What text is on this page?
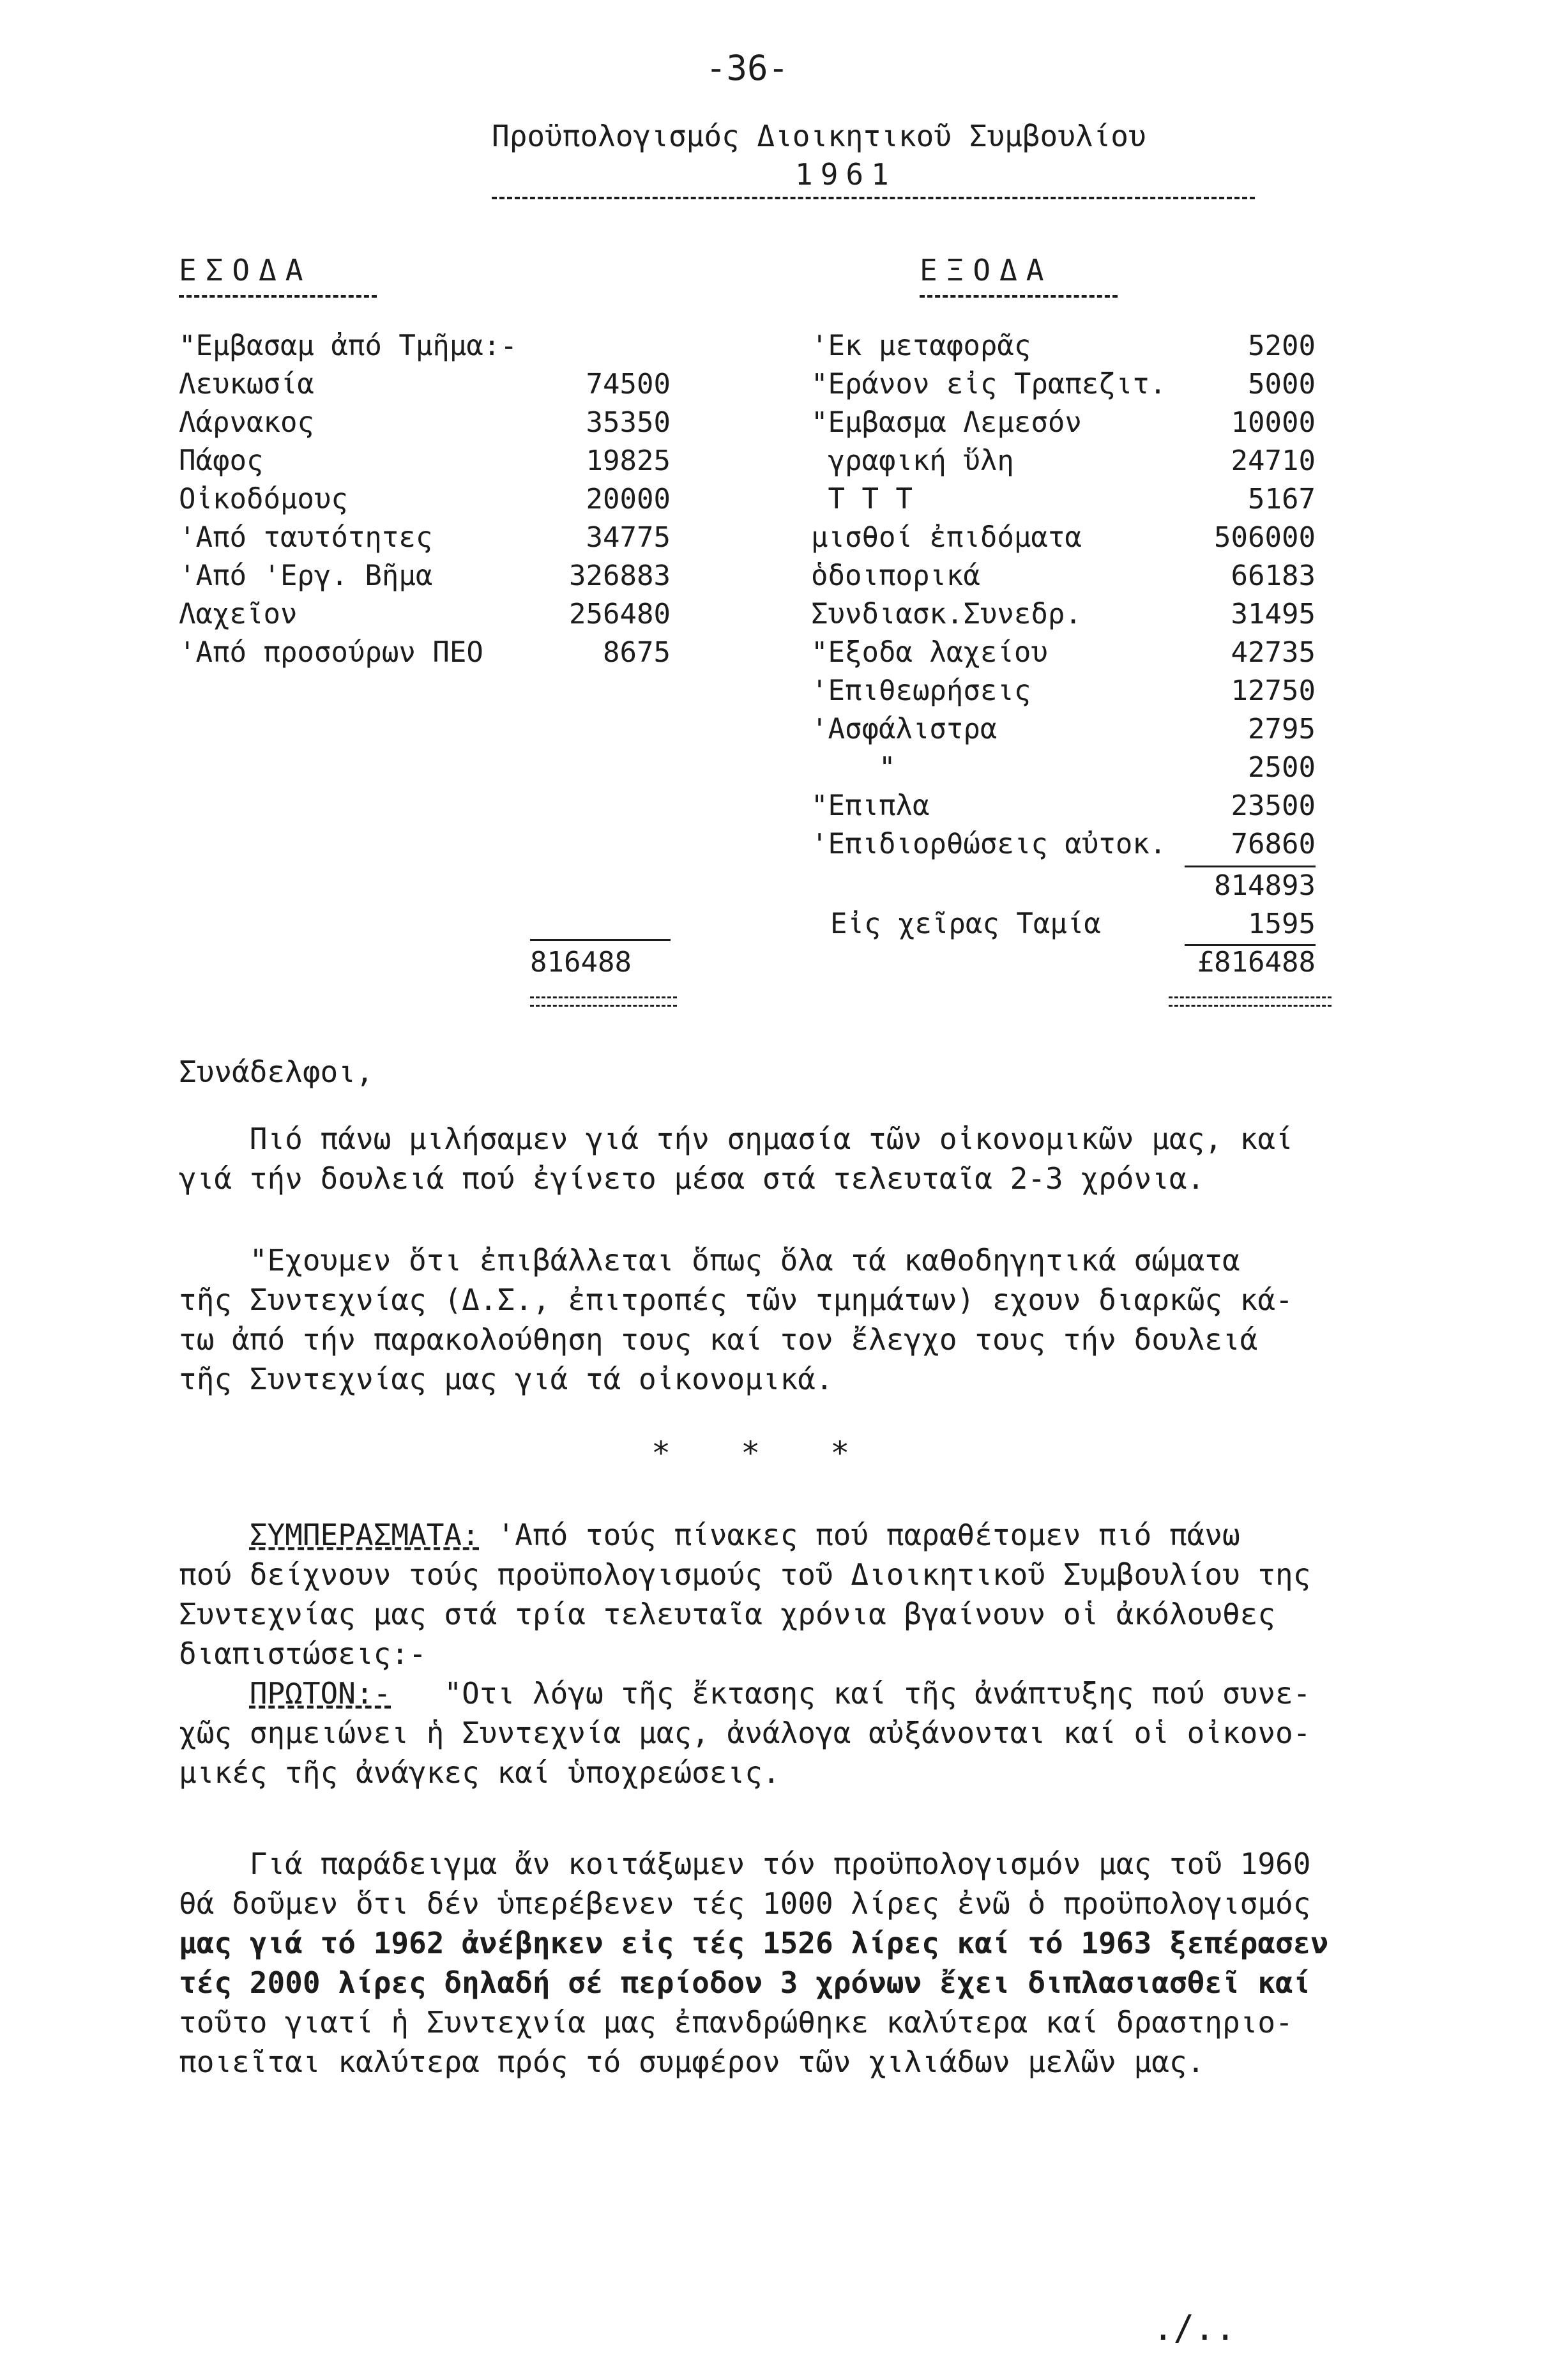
-36-
Προϋπολογισμός Διοικητικοῦ Συμβουλίου
1961
ΕΣΟΔΑ
"Εμβασαμ ἀπό Τμῆμα:-
Λευκωσία	74500
Λάρνακος	35350
Πάφος	19825
Οἰκοδόμους	20000
'Από ταυτότητες	34775
'Από 'Εργ. Βῆμα	326883
Λαχεῖον	256480
'Από προσούρων ΠΕΟ	8675
816488
ΕΞΟΔΑ
'Εκ μεταφορᾶς	5200
"Εράνον εἰς Τραπεζιτ.	5000
"Εμβασμα Λεμεσόν	10000
γραφική ὕλη	24710
Τ Τ Τ	5167
μισθοί ἐπιδόματα	506000
ὁδοιπορικά	66183
Συνδιασκ.Συνεδρ.	31495
"Εξοδα λαχείου	42735
'Επιθεωρήσεις	12750
'Ασφάλιστρα	2795
"	2500
"Επιπλα	23500
'Επιδιορθώσεις αὐτοκ. 76860
814893
Εἰς χεῖρας Ταμία	1595
£816488
Συνάδελφοι,
Πιό πάνω μιλήσαμεν γιά τήν σημασία τῶν οἰκονομικῶν μας, καί
γιά τήν δουλειά πού ἐγίνετο μέσα στά τελευταῖα 2-3 χρόνια.
"Εχουμεν ὅτι ἐπιβάλλεται ὅπως ὅλα τά καθοδηγητικά σώματα
τῆς Συντεχνίας (Δ.Σ., ἐπιτροπές τῶν τμημάτων) εχουν διαρκῶς κά-
τω ἀπό τήν παρακολούθηση τους καί τον ἔλεγχο τους τήν δουλειά
τῆς Συντεχνίας μας γιά τά οἰκονομικά.
***
ΣΥΜΠΕΡΑΣΜΑΤΑ: 'Από τούς πίνακες πού παραθέτομεν πιό πάνω
πού δείχνουν τούς προϋπολογισμούς τοῦ Διοικητικοῦ Συμβουλίου της
Συντεχνίας μας στά τρία τελευταῖα χρόνια βγαίνουν οἱ ἀκόλουθες
διαπιστώσεις:-
ΠΡΩΤΟΝ:-   "Οτι λόγω τῆς ἔκτασης καί τῆς ἀνάπτυξης πού συνε-
χῶς σημειώνει ἡ Συντεχνία μας, ἀνάλογα αὐξάνονται καί οἱ οἰκονο-
μικές τῆς ἀνάγκες καί ὑποχρεώσεις.
Γιά παράδειγμα ἄν κοιτάξωμεν τόν προϋπολογισμόν μας τοῦ 1960
θά δοῦμεν ὅτι δέν ὑπερέβενεν τές 1000 λίρες ἐνῶ ὁ προϋπολογισμός
μας γιά τό 1962 ἀνέβηκεν εἰς τές 1526 λίρες καί τό 1963 ξεπέρασεν
τές 2000 λίρες δηλαδή σέ περίοδον 3 χρόνων ἔχει διπλασιασθεῖ καί
τοῦτο γιατί ἡ Συντεχνία μας ἐπανδρώθηκε καλύτερα καί δραστηριο-
ποιεῖται καλύτερα πρός τό συμφέρον τῶν χιλιάδων μελῶν μας.
./..
